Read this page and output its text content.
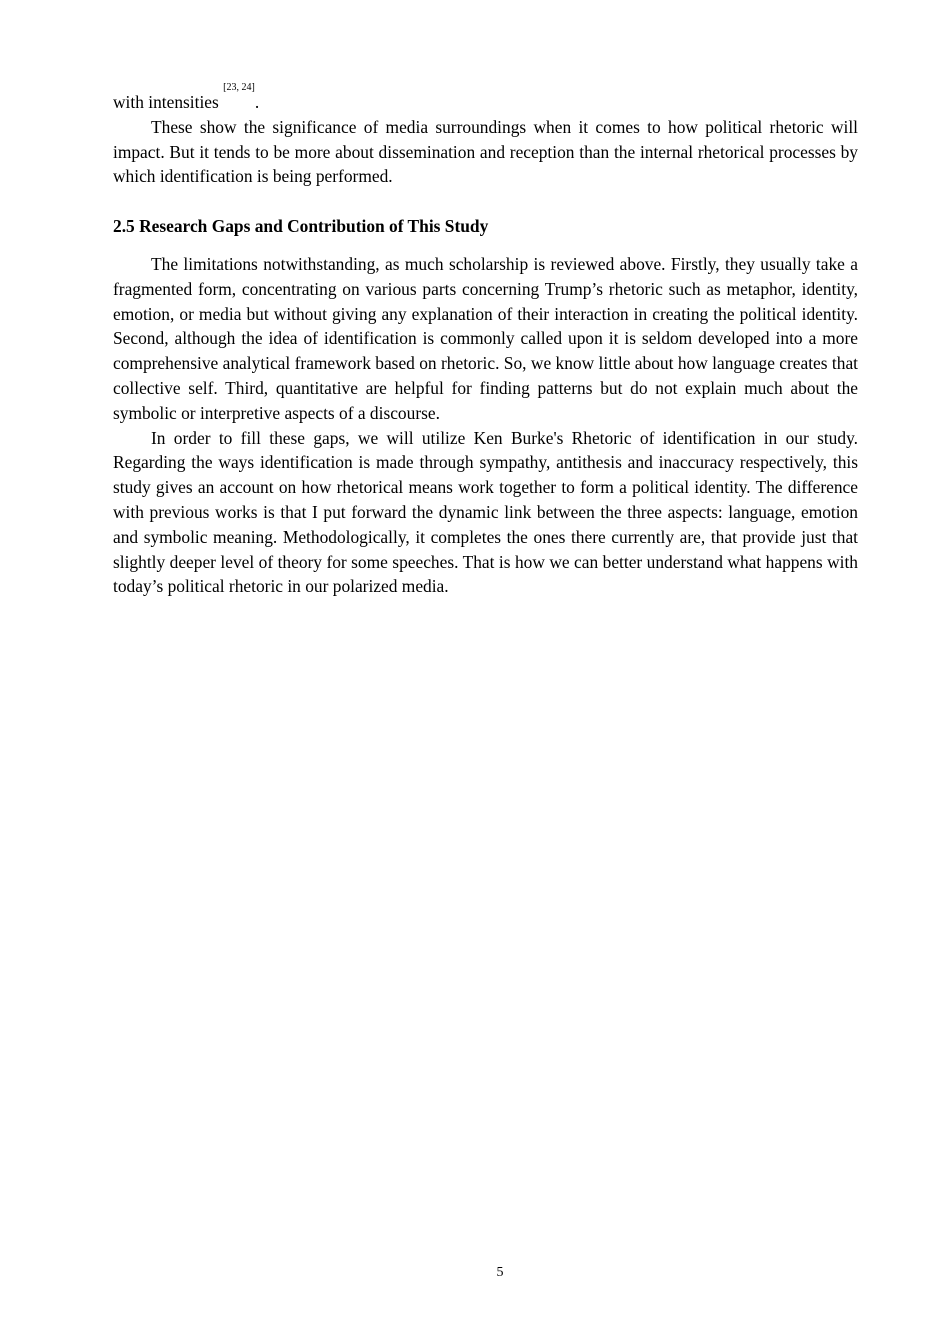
with intensities [23, 24].

These show the significance of media surroundings when it comes to how political rhetoric will impact. But it tends to be more about dissemination and reception than the internal rhetorical processes by which identification is being performed.

2.5 Research Gaps and Contribution of This Study

The limitations notwithstanding, as much scholarship is reviewed above. Firstly, they usually take a fragmented form, concentrating on various parts concerning Trump’s rhetoric such as metaphor, identity, emotion, or media but without giving any explanation of their interaction in creating the political identity. Second, although the idea of identification is commonly called upon it is seldom developed into a more comprehensive analytical framework based on rhetoric. So, we know little about how language creates that collective self. Third, quantitative are helpful for finding patterns but do not explain much about the symbolic or interpretive aspects of a discourse.

In order to fill these gaps, we will utilize Ken Burke's Rhetoric of identification in our study. Regarding the ways identification is made through sympathy, antithesis and inaccuracy respectively, this study gives an account on how rhetorical means work together to form a political identity. The difference with previous works is that I put forward the dynamic link between the three aspects: language, emotion and symbolic meaning. Methodologically, it completes the ones there currently are, that provide just that slightly deeper level of theory for some speeches. That is how we can better understand what happens with today’s political rhetoric in our polarized media.

5
